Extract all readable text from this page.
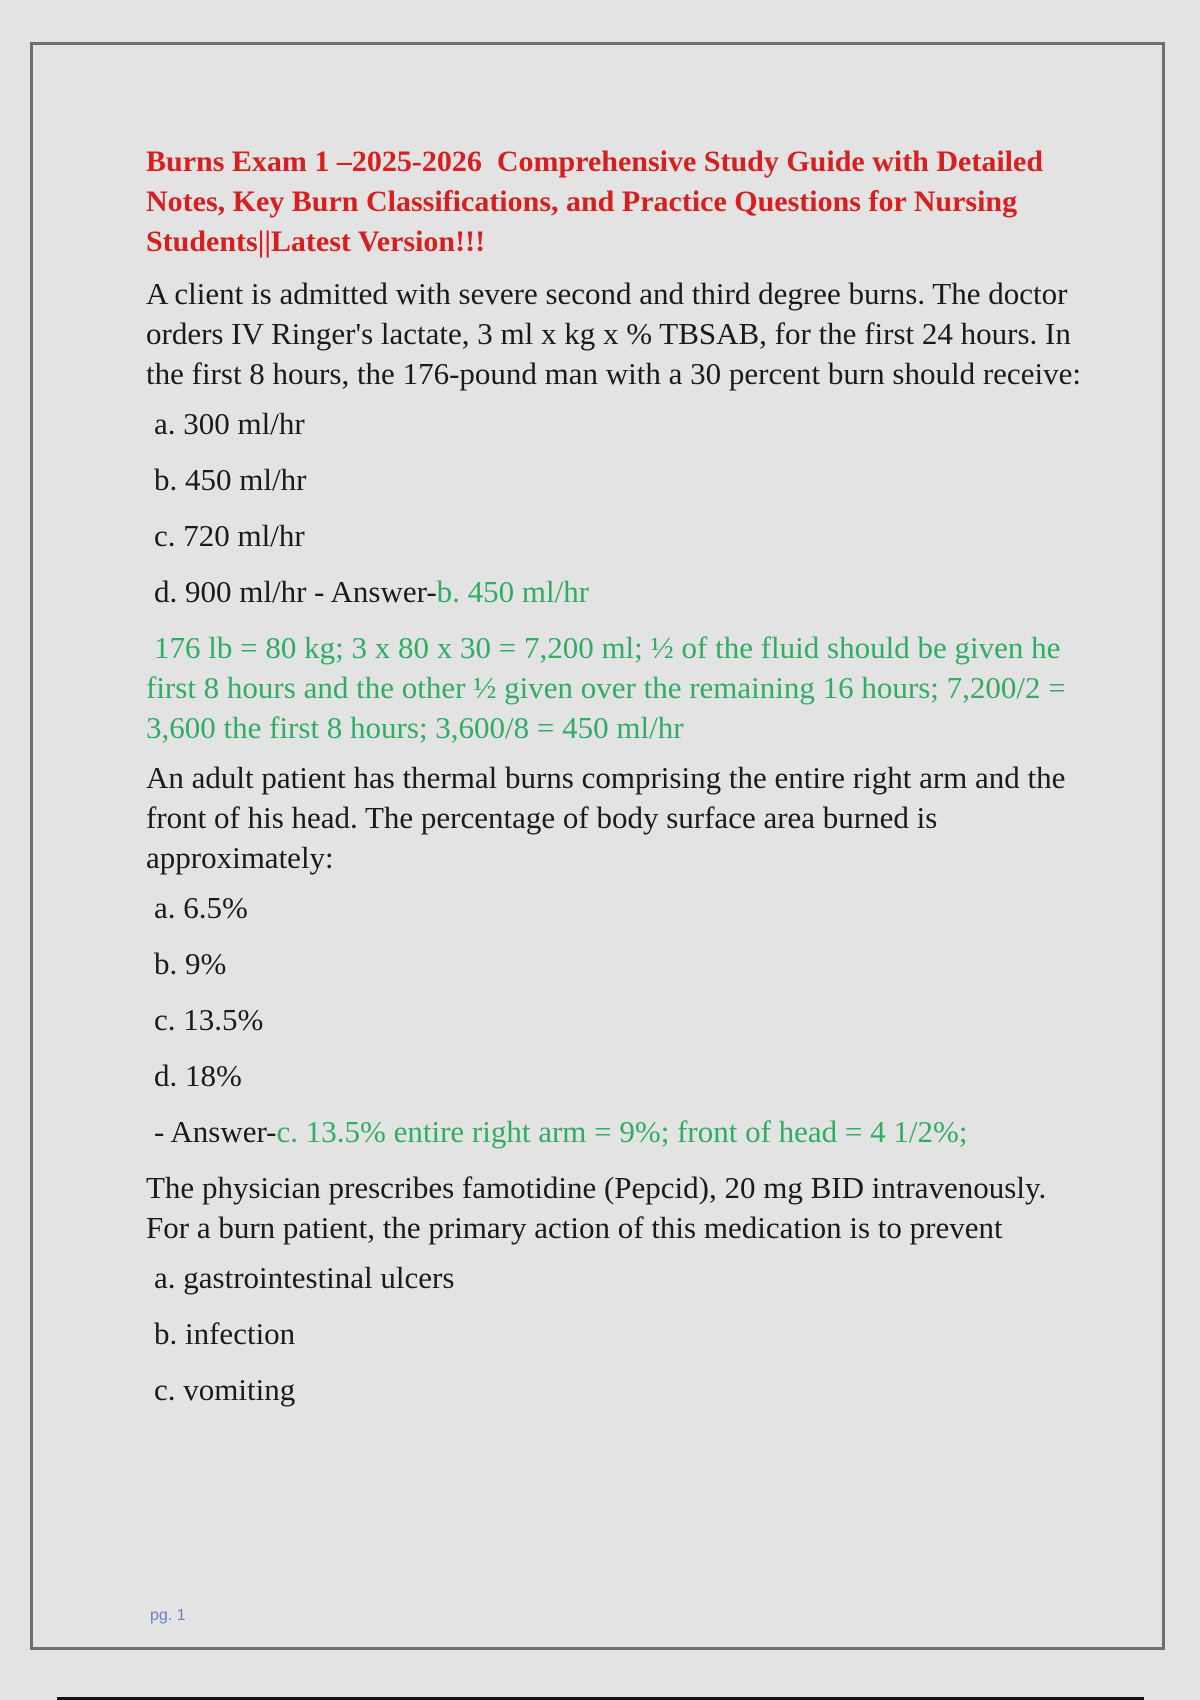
Burns Exam 1 –2025-2026  Comprehensive Study Guide with Detailed Notes, Key Burn Classifications, and Practice Questions for Nursing Students||Latest Version!!!
A client is admitted with severe second and third degree burns. The doctor orders IV Ringer's lactate, 3 ml x kg x % TBSAB, for the first 24 hours. In the first 8 hours, the 176-pound man with a 30 percent burn should receive:
a. 300 ml/hr
b. 450 ml/hr
c. 720 ml/hr
d. 900 ml/hr - Answer-b. 450 ml/hr
176 lb = 80 kg; 3 x 80 x 30 = 7,200 ml; ½ of the fluid should be given he first 8 hours and the other ½ given over the remaining 16 hours; 7,200/2 = 3,600 the first 8 hours; 3,600/8 = 450 ml/hr
An adult patient has thermal burns comprising the entire right arm and the front of his head. The percentage of body surface area burned is approximately:
a. 6.5%
b. 9%
c. 13.5%
d. 18%
- Answer-c. 13.5% entire right arm = 9%; front of head = 4 1/2%;
The physician prescribes famotidine (Pepcid), 20 mg BID intravenously. For a burn patient, the primary action of this medication is to prevent
a. gastrointestinal ulcers
b. infection
c. vomiting
pg. 1
